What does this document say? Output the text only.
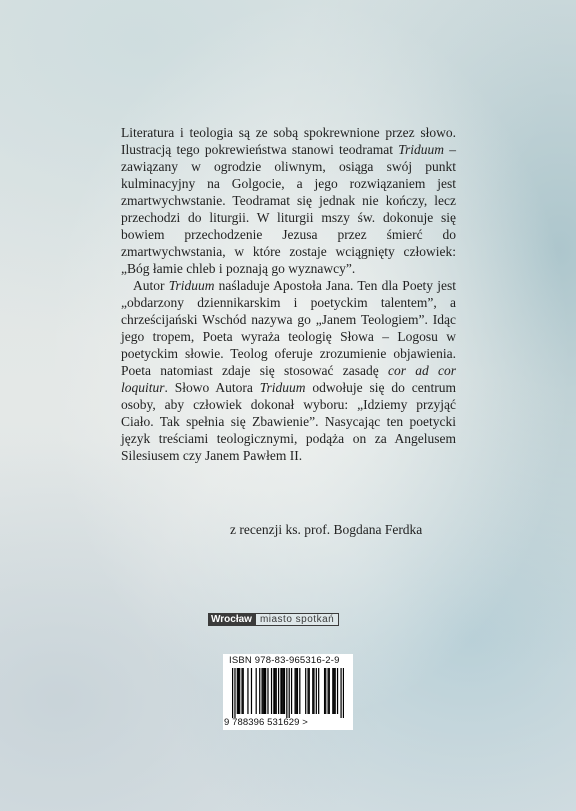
Literatura i teologia są ze sobą spokrewnione przez słowo. Ilustracją tego pokrewieństwa stanowi teodramat Triduum – zawiązany w ogrodzie oliwnym, osiąga swój punkt kulminacyjny na Golgocie, a jego rozwiązaniem jest zmartwychwstanie. Teodramat się jednak nie kończy, lecz przechodzi do liturgii. W liturgii mszy św. dokonuje się bowiem przechodzenie Jezusa przez śmierć do zmartwychwstania, w które zostaje wciągnięty człowiek: „Bóg łamie chleb i poznają go wyznawcy”.

Autor Triduum naśladuje Apostoła Jana. Ten dla Poety jest „obdarzony dziennikarskim i poetyckim talentem”, a chrześcijański Wschód nazywa go „Janem Teologiem”. Idąc jego tropem, Poeta wyraża teologię Słowa – Logosu w poetyckim słowie. Teolog oferuje zrozumienie objawienia. Poeta natomiast zdaje się stosować zasadę cor ad cor loquitur. Słowo Autora Triduum odwołuje się do centrum osoby, aby człowiek dokonał wyboru: „Idziemy przyjąć Ciało. Tak spełnia się Zbawienie”. Nasycając ten poetycki język treściami teologicznymi, podąża on za Angelusem Silesiusem czy Janem Pawłem II.

z recenzji ks. prof. Bogdana Ferdka
Wrocław miasto spotkań
ISBN 978-83-965316-2-9
9 788396 531629 >
